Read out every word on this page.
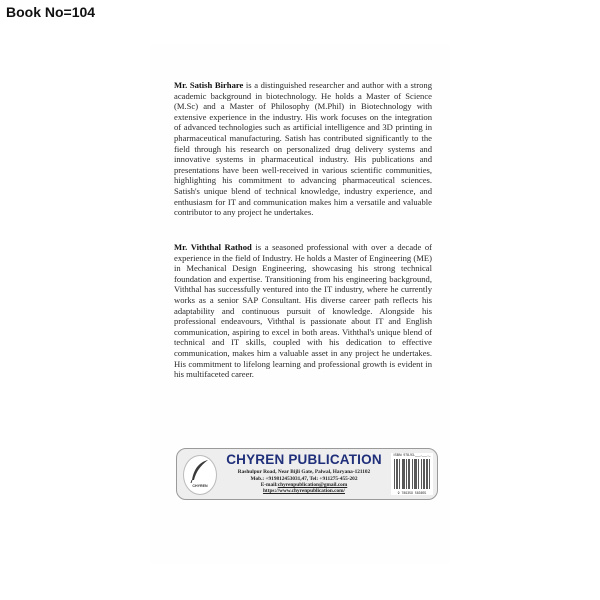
Book No=104

Mr. Satish Birhare is a distinguished researcher and author with a strong academic background in biotechnology. He holds a Master of Science (M.Sc) and a Master of Philosophy (M.Phil) in Biotechnology with extensive experience in the industry. His work focuses on the integration of advanced technologies such as artificial intelligence and 3D printing in pharmaceutical manufacturing. Satish has contributed significantly to the field through his research on personalized drug delivery systems and innovative systems in pharmaceutical industry. His publications and presentations have been well-received in various scientific communities, highlighting his commitment to advancing pharmaceutical sciences. Satish's unique blend of technical knowledge, industry experience, and enthusiasm for IT and communication makes him a versatile and valuable contributor to any project he undertakes.

Mr. Viththal Rathod is a seasoned professional with over a decade of experience in the field of Industry. He holds a Master of Engineering (ME) in Mechanical Design Engineering, showcasing his strong technical foundation and expertise. Transitioning from his engineering background, Viththal has successfully ventured into the IT industry, where he currently works as a senior SAP Consultant. His diverse career path reflects his adaptability and continuous pursuit of knowledge. Alongside his professional endeavours, Viththal is passionate about IT and English communication, aspiring to excel in both areas. Viththal's unique blend of technical and IT skills, coupled with his dedication to effective communication, makes him a valuable asset in any project he undertakes. His commitment to lifelong learning and professional growth is evident in his multifaceted career.

CHYREN
CHYREN PUBLICATION
Rashulpur Road, Near Bijli Gate, Palwal, Haryana-121102
Mob.: +919812453031,47, Tel: +911275-455-202
E-mail:chyrenpublication@gmail.com
https://www.chyrenpublication.com/
ISBN: 978-93-___-___-_
9 789359 583655
